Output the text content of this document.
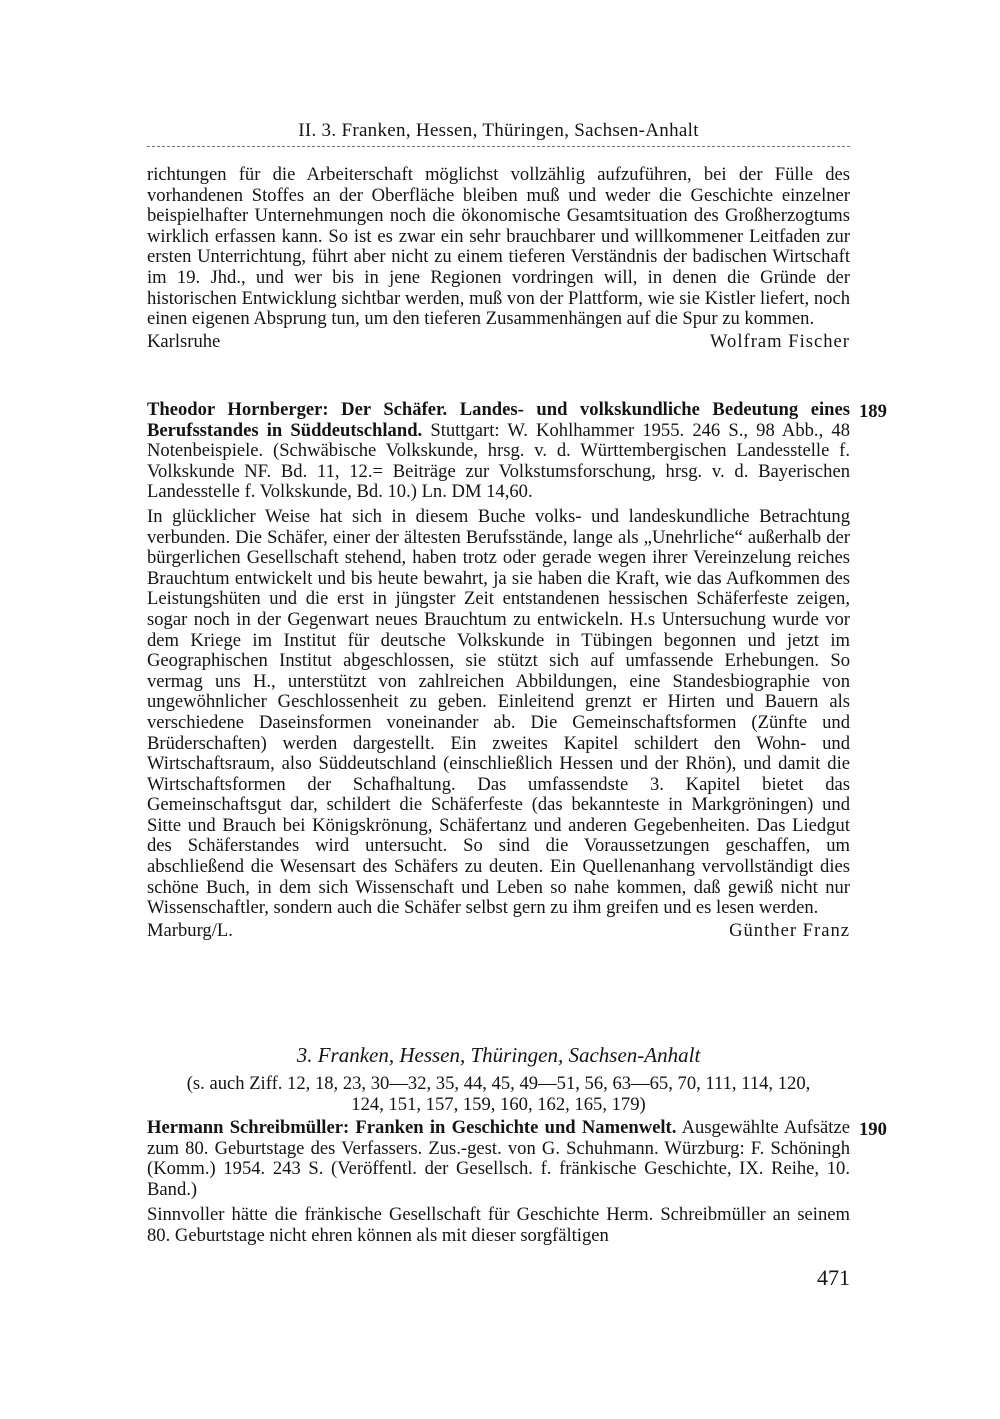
II. 3. Franken, Hessen, Thüringen, Sachsen-Anhalt

richtungen für die Arbeiterschaft möglichst vollzählig aufzuführen, bei der Fülle des vorhandenen Stoffes an der Oberfläche bleiben muß und weder die Geschichte einzelner beispielhafter Unternehmungen noch die ökonomische Gesamtsituation des Großherzogtums wirklich erfassen kann. So ist es zwar ein sehr brauchbarer und willkommener Leitfaden zur ersten Unterrichtung, führt aber nicht zu einem tieferen Verständnis der badischen Wirtschaft im 19. Jhd., und wer bis in jene Regionen vordringen will, in denen die Gründe der historischen Entwicklung sichtbar werden, muß von der Plattform, wie sie Kistler liefert, noch einen eigenen Absprung tun, um den tieferen Zusammenhängen auf die Spur zu kommen.

Karlsruhe	Wolfram Fischer
189

Theodor Hornberger: Der Schäfer. Landes- und volkskundliche Bedeutung eines Berufsstandes in Süddeutschland. Stuttgart: W. Kohlhammer 1955. 246 S., 98 Abb., 48 Notenbeispiele. (Schwäbische Volkskunde, hrsg. v. d. Württembergischen Landesstelle f. Volkskunde NF. Bd. 11, 12.= Beiträge zur Volkstumsforschung, hrsg. v. d. Bayerischen Landesstelle f. Volkskunde, Bd. 10.) Ln. DM 14,60.

In glücklicher Weise hat sich in diesem Buche volks- und landeskundliche Betrachtung verbunden. Die Schäfer, einer der ältesten Berufsstände, lange als „Unehrliche“ außerhalb der bürgerlichen Gesellschaft stehend, haben trotz oder gerade wegen ihrer Vereinzelung reiches Brauchtum entwickelt und bis heute bewahrt, ja sie haben die Kraft, wie das Aufkommen des Leistungshüten und die erst in jüngster Zeit entstandenen hessischen Schäferfeste zeigen, sogar noch in der Gegenwart neues Brauchtum zu entwickeln. H.s Untersuchung wurde vor dem Kriege im Institut für deutsche Volkskunde in Tübingen begonnen und jetzt im Geographischen Institut abgeschlossen, sie stützt sich auf umfassende Erhebungen. So vermag uns H., unterstützt von zahlreichen Abbildungen, eine Standesbiographie von ungewöhnlicher Geschlossenheit zu geben. Einleitend grenzt er Hirten und Bauern als verschiedene Daseinsformen voneinander ab. Die Gemeinschaftsformen (Zünfte und Brüderschaften) werden dargestellt. Ein zweites Kapitel schildert den Wohn- und Wirtschaftsraum, also Süddeutschland (einschließlich Hessen und der Rhön), und damit die Wirtschaftsformen der Schafhaltung. Das umfassendste 3. Kapitel bietet das Gemeinschaftsgut dar, schildert die Schäferfeste (das bekannteste in Markgröningen) und Sitte und Brauch bei Königskrönung, Schäfertanz und anderen Gegebenheiten. Das Liedgut des Schäferstandes wird untersucht. So sind die Voraussetzungen geschaffen, um abschließend die Wesensart des Schäfers zu deuten. Ein Quellenanhang vervollständigt dies schöne Buch, in dem sich Wissenschaft und Leben so nahe kommen, daß gewiß nicht nur Wissenschaftler, sondern auch die Schäfer selbst gern zu ihm greifen und es lesen werden.

Marburg/L.	Günther Franz
3. Franken, Hessen, Thüringen, Sachsen-Anhalt
(s. auch Ziff. 12, 18, 23, 30—32, 35, 44, 45, 49—51, 56, 63—65, 70, 111, 114, 120,
124, 151, 157, 159, 160, 162, 165, 179)
190

Hermann Schreibmüller: Franken in Geschichte und Namenwelt. Ausgewählte Aufsätze zum 80. Geburtstage des Verfassers. Zus.-gest. von G. Schuhmann. Würzburg: F. Schöningh (Komm.) 1954. 243 S. (Veröffentl. der Gesellsch. f. fränkische Geschichte, IX. Reihe, 10. Band.)

Sinnvoller hätte die fränkische Gesellschaft für Geschichte Herm. Schreibmüller an seinem 80. Geburtstage nicht ehren können als mit dieser sorgfältigen

471
